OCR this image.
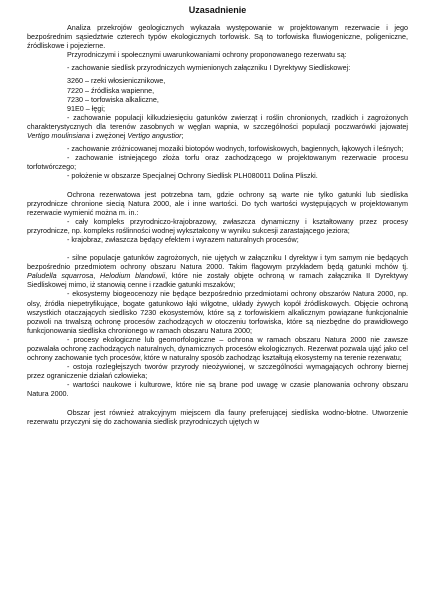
Uzasadnienie

Analiza przekrojów geologicznych wykazała występowanie w projektowanym rezerwacie i jego bezpośrednim sąsiedztwie czterech typów ekologicznych torfowisk. Są to torfowiska fluwiogeniczne, poligeniczne, źródliskowe i pojezierne.

Przyrodniczymi i społecznymi uwarunkowaniami ochrony proponowanego rezerwatu są:

- zachowanie siedlisk przyrodniczych wymienionych załączniku I Dyrektywy Siedliskowej:

3260 – rzeki włosienicznikowe,

7220 – źródliska wapienne,

7230 – torfowiska alkaliczne,

91E0 – łęgi;

- zachowanie populacji kilkudziesięciu gatunków zwierząt i roślin chronionych, rzadkich i zagrożonych charakterystycznych dla terenów zasobnych w węglan wapnia, w szczególności populacji poczwarówki jajowatej Vertigo moulinsiana i zwężonej Vertigo angustior;

- zachowanie zróżnicowanej mozaiki biotopów wodnych, torfowiskowych, bagiennych, łąkowych i leśnych;

- zachowanie istniejącego złoża torfu oraz zachodzącego w projektowanym rezerwacie procesu torfotwórczego;

- położenie w obszarze Specjalnej Ochrony Siedlisk PLH080011 Dolina Pliszki.

Ochrona rezerwatowa jest potrzebna tam, gdzie ochrony są warte nie tylko gatunki lub siedliska przyrodnicze chronione siecią Natura 2000, ale i inne wartości. Do tych wartości występujących w projektowanym rezerwacie wymienić można m. in.:

- cały kompleks przyrodniczo-krajobrazowy, zwłaszcza dynamiczny i kształtowany przez procesy przyrodnicze, np. kompleks roślinności wodnej wykształcony w wyniku sukcesji zarastającego jeziora;

- krajobraz, zwłaszcza będący efektem i wyrazem naturalnych procesów;

- silne populacje gatunków zagrożonych, nie ujętych w załączniku I dyrektyw i tym samym nie będących bezpośrednio przedmiotem ochrony obszaru Natura 2000. Takim flagowym przykładem będą gatunki mchów tj. Paludella squarrosa, Helodium blandowii, które nie zostały objęte ochroną w ramach załącznika II Dyrektywy Siedliskowej mimo, iż stanowią cenne i rzadkie gatunki mszaków;

- ekosystemy biogeocenozy nie będące bezpośrednio przedmiotami ochrony obszarów Natura 2000, np. olsy, źródła niepetryfikujące, bogate gatunkowo łąki wilgotne, układy żywych kopół źródliskowych. Objęcie ochroną wszystkich otaczających siedlisko 7230 ekosystemów, które są z torfowiskiem alkalicznym powiązane funkcjonalnie pozwoli na trwalszą ochronę procesów zachodzących w otoczeniu torfowiska, które są niezbędne do prawidłowego funkcjonowania siedliska chronionego w ramach obszaru Natura 2000;

- procesy ekologiczne lub geomorfologiczne – ochrona w ramach obszaru Natura 2000 nie zawsze pozwalała ochronę zachodzących naturalnych, dynamicznych procesów ekologicznych. Rezerwat pozwala ująć jako cel ochrony zachowanie tych procesów, które w naturalny sposób zachodząc kształtują ekosystemy na terenie rezerwatu;

- ostoja rozległejszych tworów przyrody nieożywionej, w szczególności wymagających ochrony biernej przez ograniczenie działań człowieka;

- wartości naukowe i kulturowe, które nie są brane pod uwagę w czasie planowania ochrony obszaru Natura 2000.

Obszar jest również atrakcyjnym miejscem dla fauny preferującej siedliska wodno-błotne. Utworzenie rezerwatu przyczyni się do zachowania siedlisk przyrodniczych ujętych w
